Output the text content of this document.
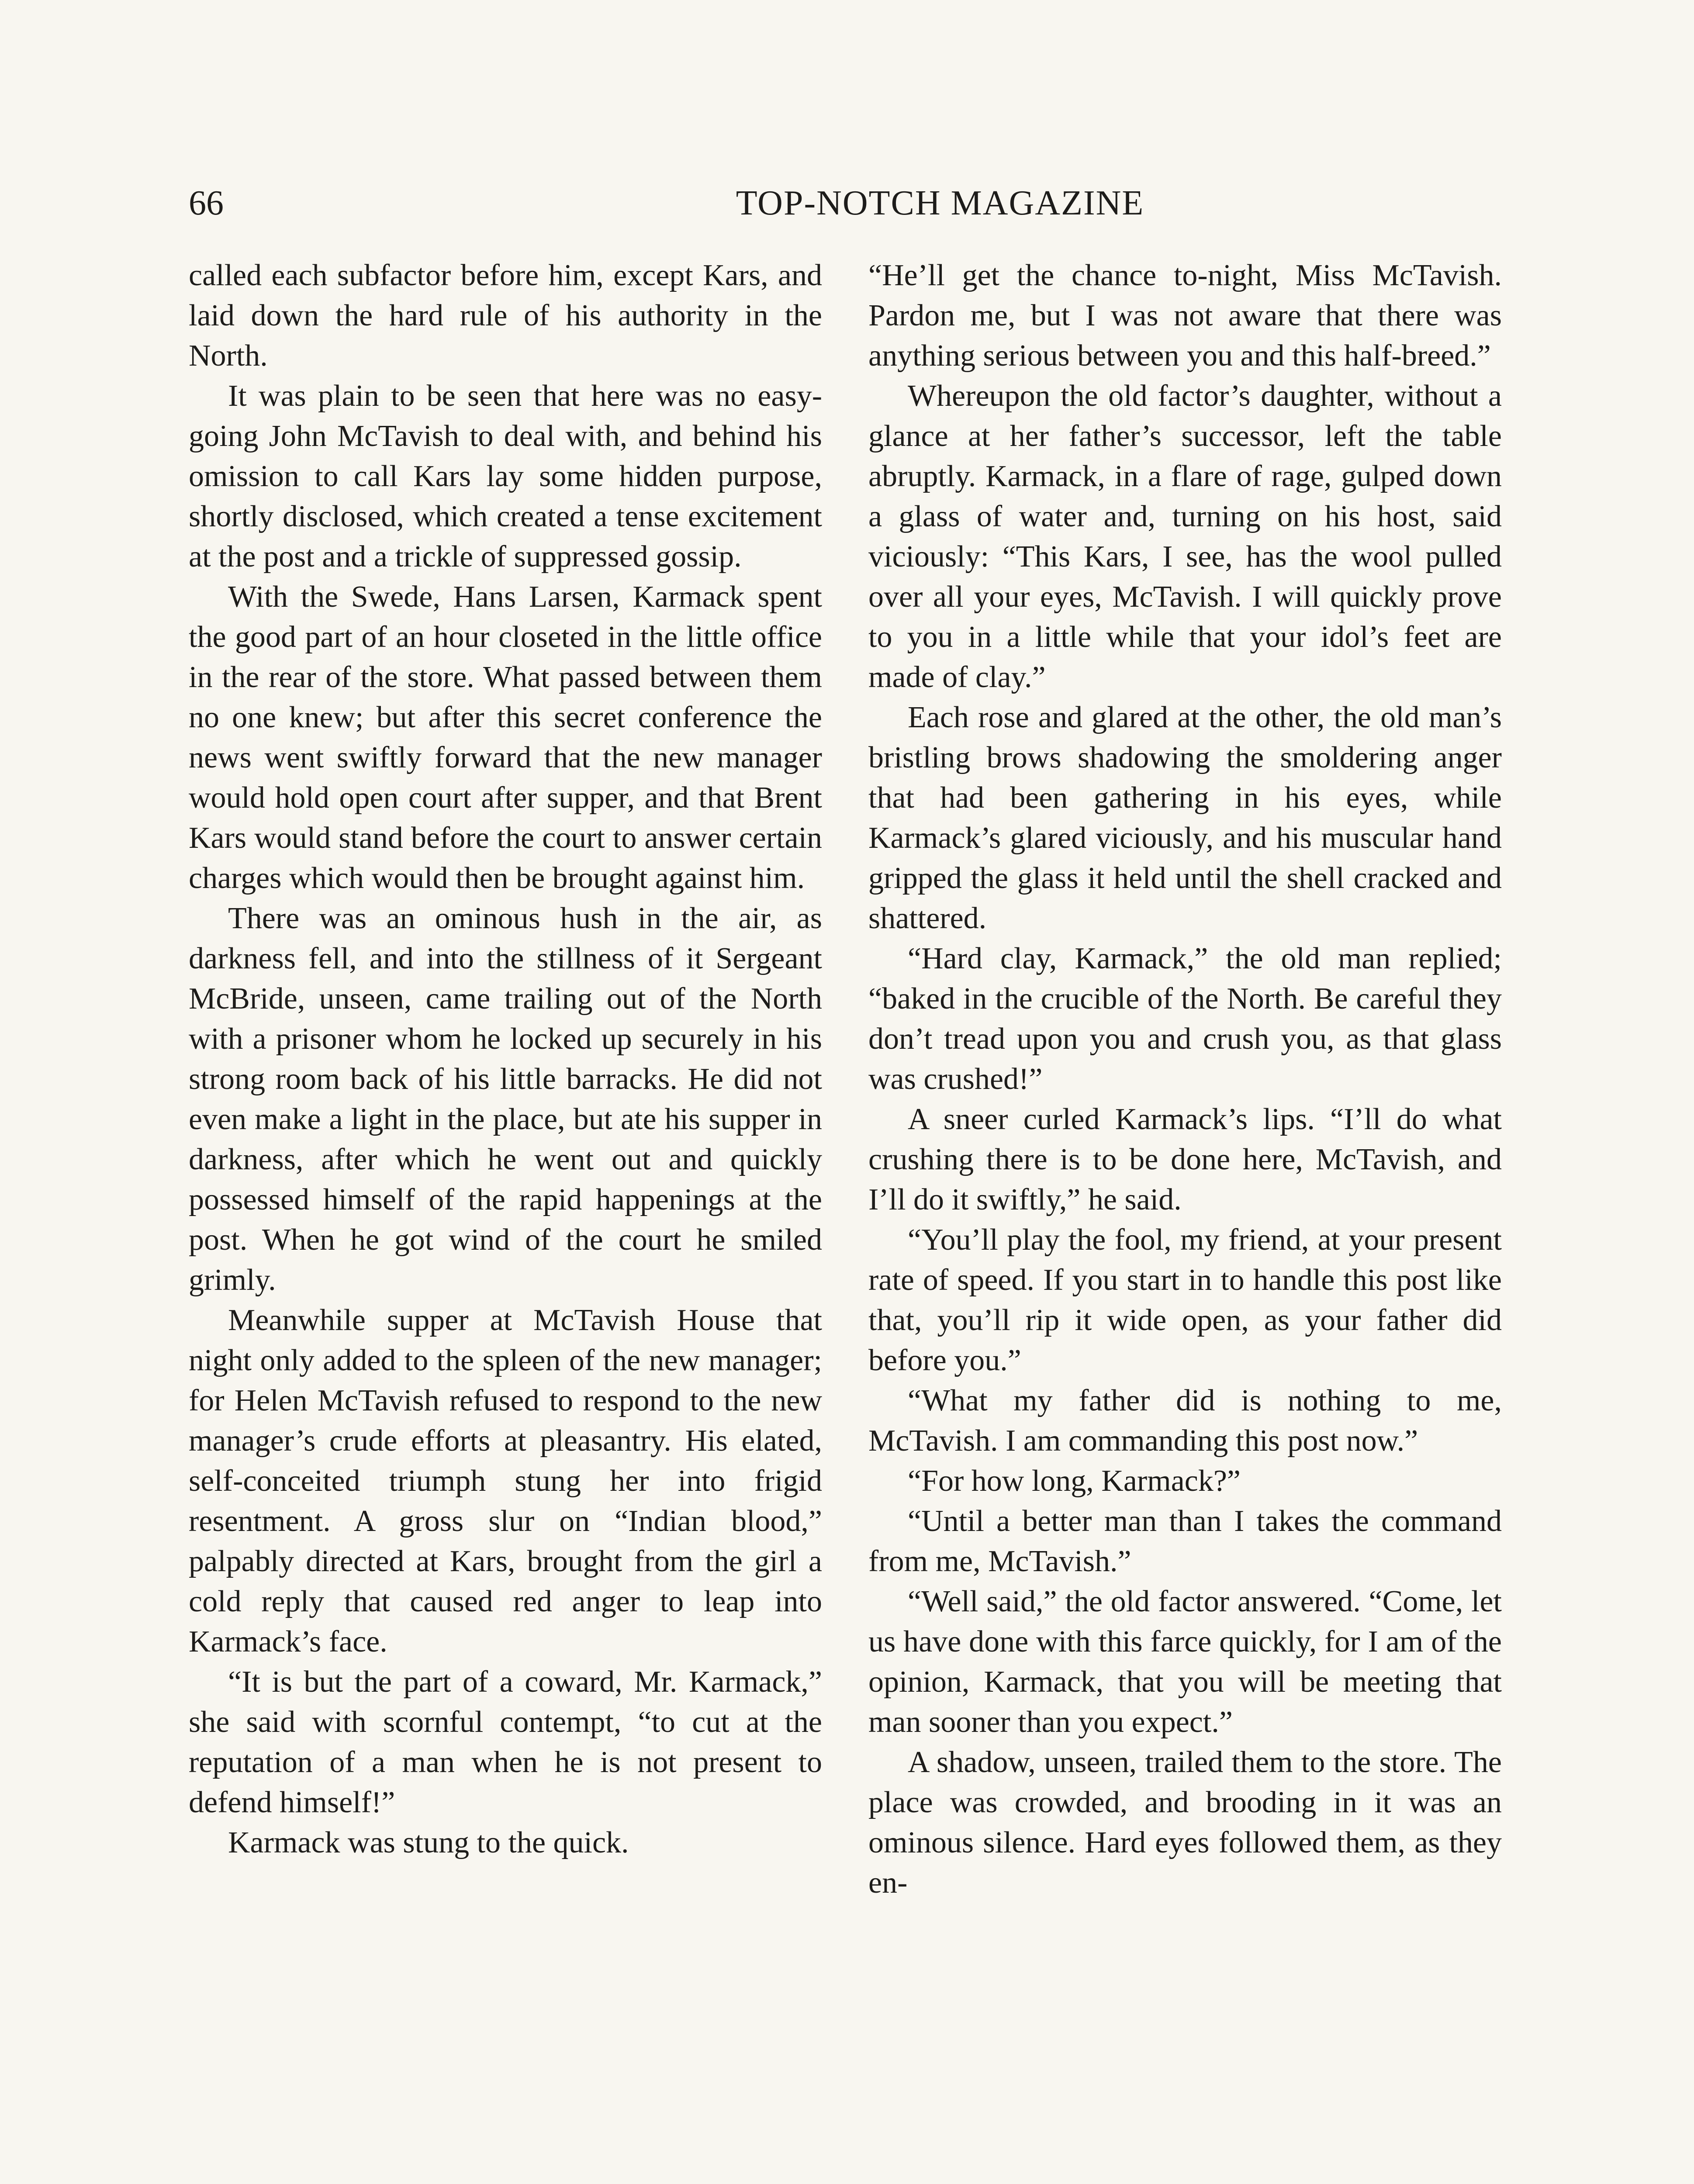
66	TOP-NOTCH MAGAZINE

called each subfactor before him, except Kars, and laid down the hard rule of his authority in the North.

It was plain to be seen that here was no easy-going John McTavish to deal with, and behind his omission to call Kars lay some hidden purpose, shortly disclosed, which created a tense excitement at the post and a trickle of suppressed gossip.

With the Swede, Hans Larsen, Karmack spent the good part of an hour closeted in the little office in the rear of the store. What passed between them no one knew; but after this secret conference the news went swiftly forward that the new manager would hold open court after supper, and that Brent Kars would stand before the court to answer certain charges which would then be brought against him.

There was an ominous hush in the air, as darkness fell, and into the stillness of it Sergeant McBride, unseen, came trailing out of the North with a prisoner whom he locked up securely in his strong room back of his little barracks. He did not even make a light in the place, but ate his supper in darkness, after which he went out and quickly possessed himself of the rapid happenings at the post. When he got wind of the court he smiled grimly.

Meanwhile supper at McTavish House that night only added to the spleen of the new manager; for Helen McTavish refused to respond to the new manager’s crude efforts at pleasantry. His elated, self-conceited triumph stung her into frigid resentment. A gross slur on “Indian blood,” palpably directed at Kars, brought from the girl a cold reply that caused red anger to leap into Karmack’s face.

“It is but the part of a coward, Mr. Karmack,” she said with scornful contempt, “to cut at the reputation of a man when he is not present to defend himself!”

Karmack was stung to the quick.

“He’ll get the chance to-night, Miss McTavish. Pardon me, but I was not aware that there was anything serious between you and this half-breed.”

Whereupon the old factor’s daughter, without a glance at her father’s successor, left the table abruptly. Karmack, in a flare of rage, gulped down a glass of water and, turning on his host, said viciously: “This Kars, I see, has the wool pulled over all your eyes, McTavish. I will quickly prove to you in a little while that your idol’s feet are made of clay.”

Each rose and glared at the other, the old man’s bristling brows shadowing the smoldering anger that had been gathering in his eyes, while Karmack’s glared viciously, and his muscular hand gripped the glass it held until the shell cracked and shattered.

“Hard clay, Karmack,” the old man replied; “baked in the crucible of the North. Be careful they don’t tread upon you and crush you, as that glass was crushed!”

A sneer curled Karmack’s lips. “I’ll do what crushing there is to be done here, McTavish, and I’ll do it swiftly,” he said.

“You’ll play the fool, my friend, at your present rate of speed. If you start in to handle this post like that, you’ll rip it wide open, as your father did before you.”

“What my father did is nothing to me, McTavish. I am commanding this post now.”

“For how long, Karmack?”

“Until a better man than I takes the command from me, McTavish.”

“Well said,” the old factor answered. “Come, let us have done with this farce quickly, for I am of the opinion, Karmack, that you will be meeting that man sooner than you expect.”

A shadow, unseen, trailed them to the store. The place was crowded, and brooding in it was an ominous silence. Hard eyes followed them, as they en-
